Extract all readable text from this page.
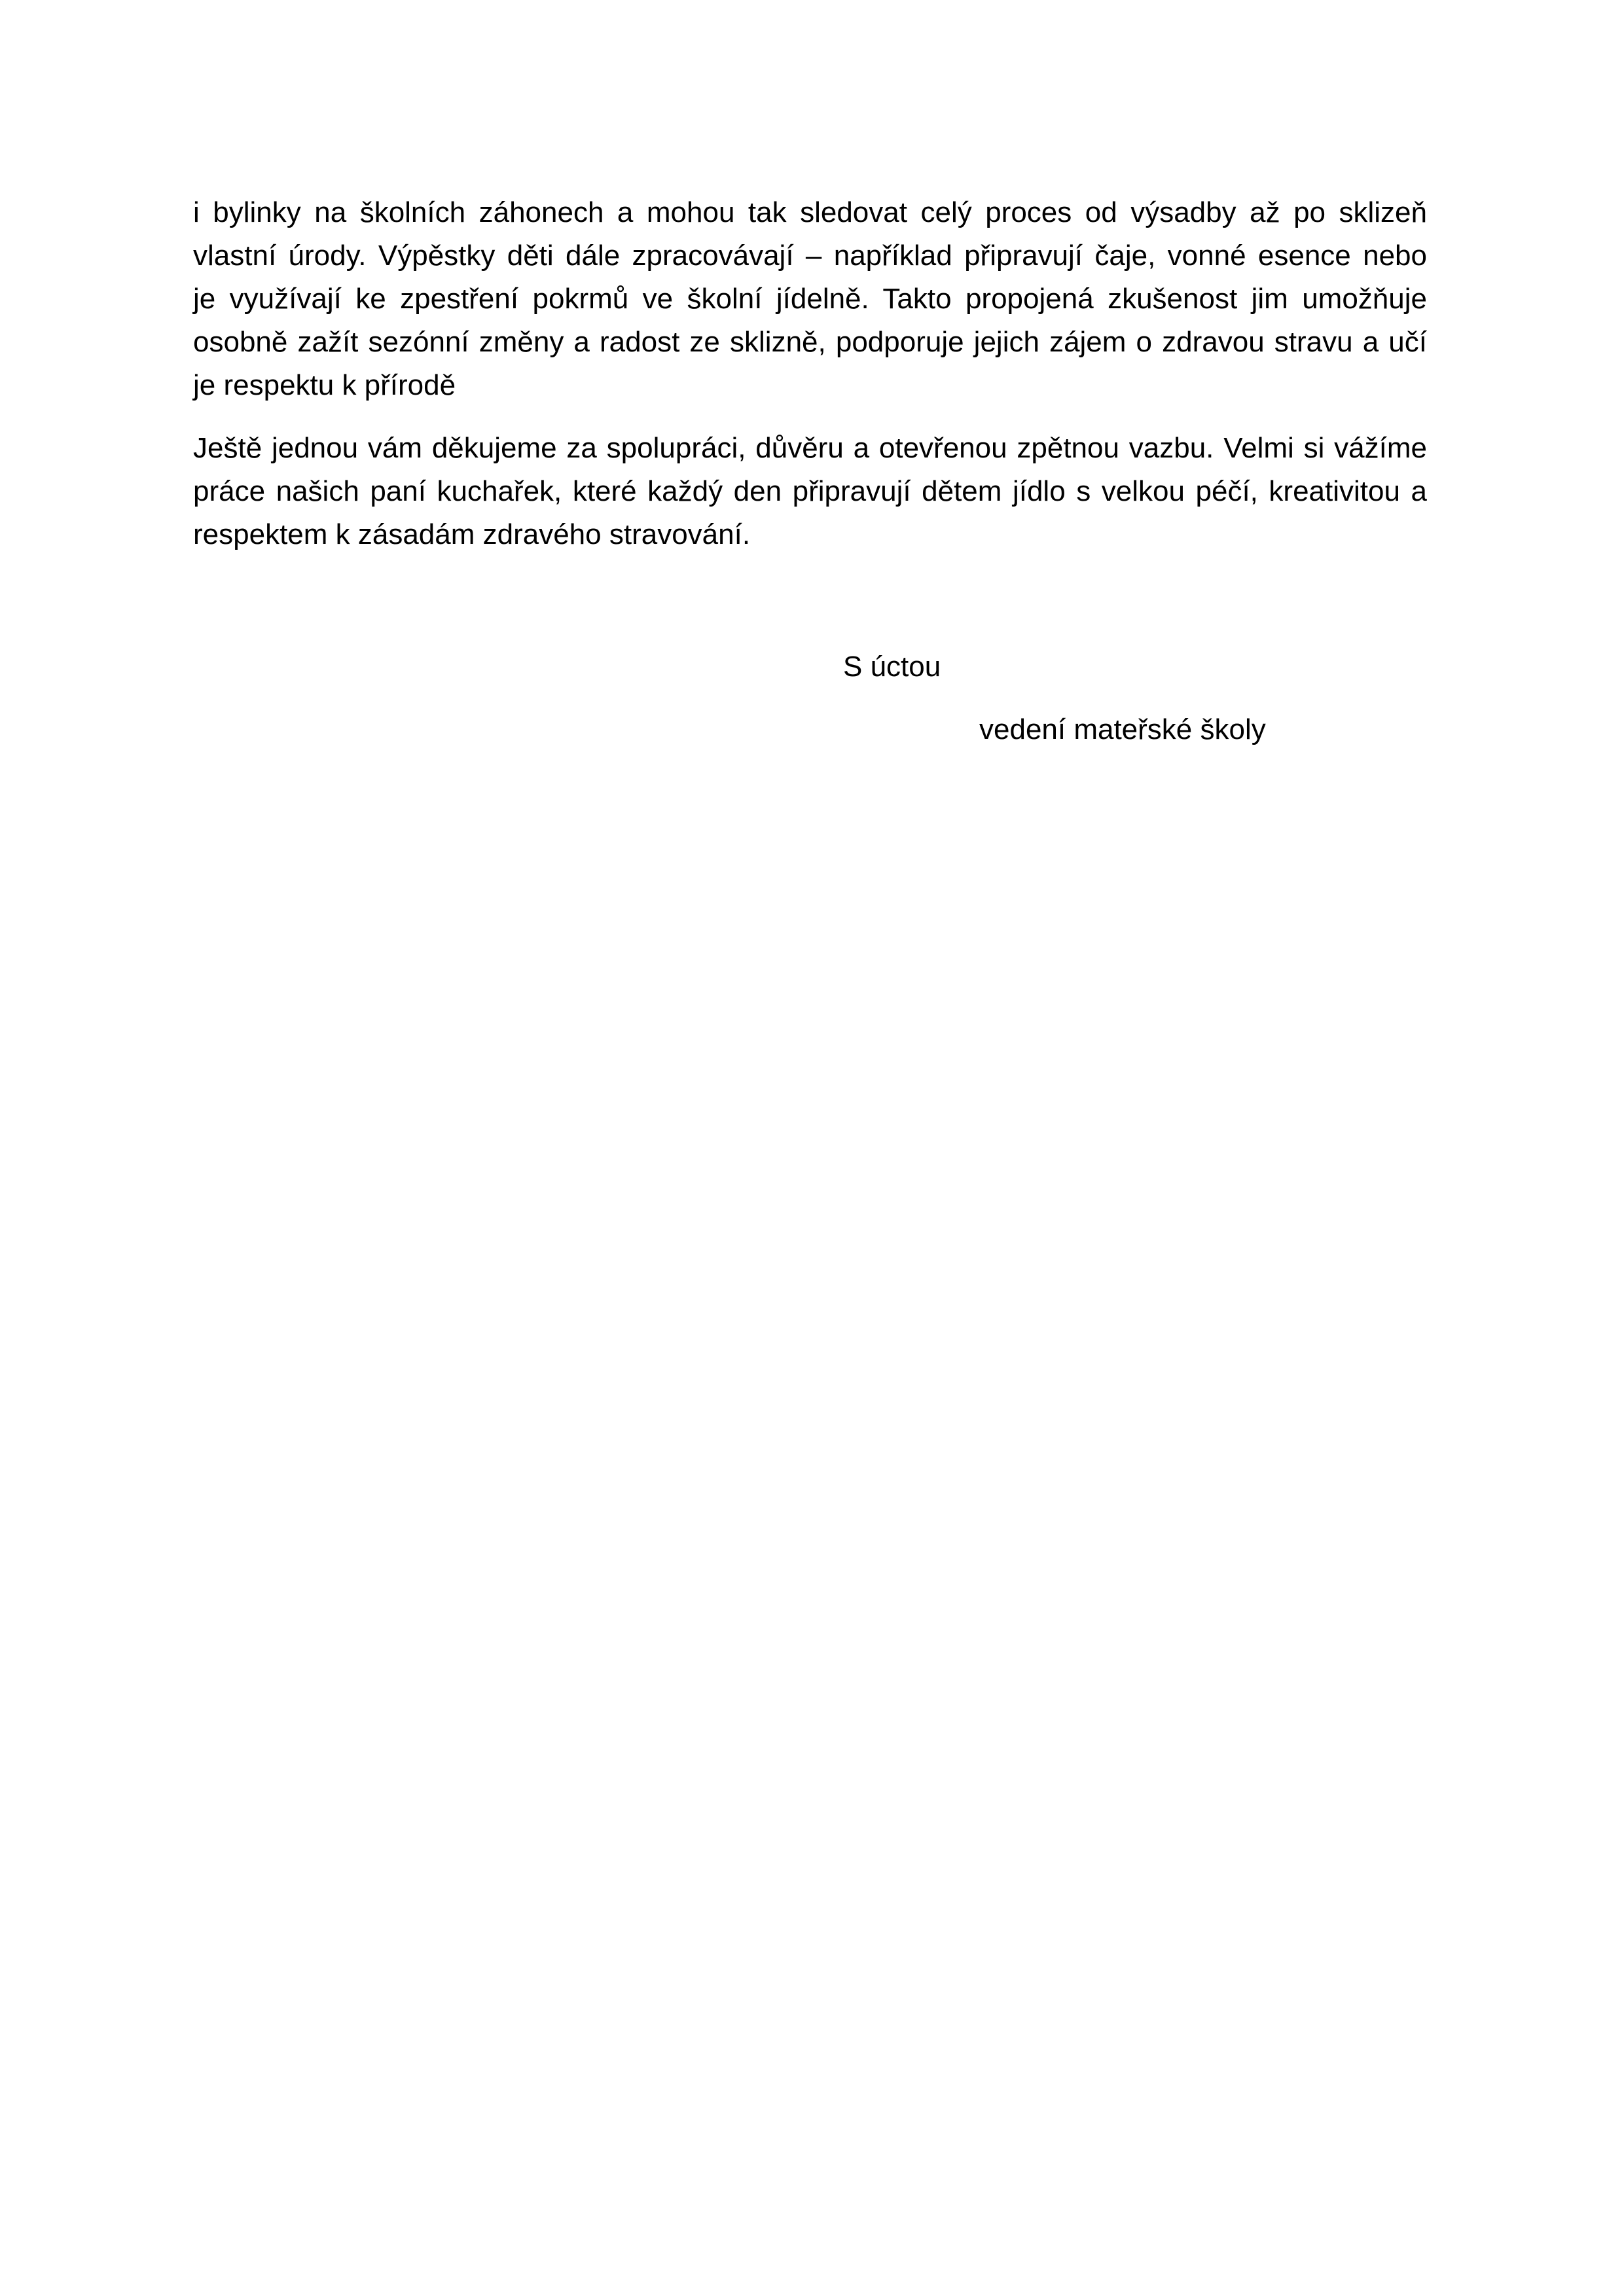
i bylinky na školních záhonech a mohou tak sledovat celý proces od výsadby až po sklizeň
vlastní úrody. Výpěstky děti dále zpracovávají – například připravují čaje, vonné esence nebo
je využívají ke zpestření pokrmů ve školní jídelně. Takto propojená zkušenost jim umožňuje
osobně zažít sezónní změny a radost ze sklizně, podporuje jejich zájem o zdravou stravu a učí
je respektu k přírodě
Ještě jednou vám děkujeme za spolupráci, důvěru a otevřenou zpětnou vazbu. Velmi si vážíme
práce našich paní kuchařek, které každý den připravují dětem jídlo s velkou péčí, kreativitou a
respektem k zásadám zdravého stravování.
S úctou
vedení mateřské školy
